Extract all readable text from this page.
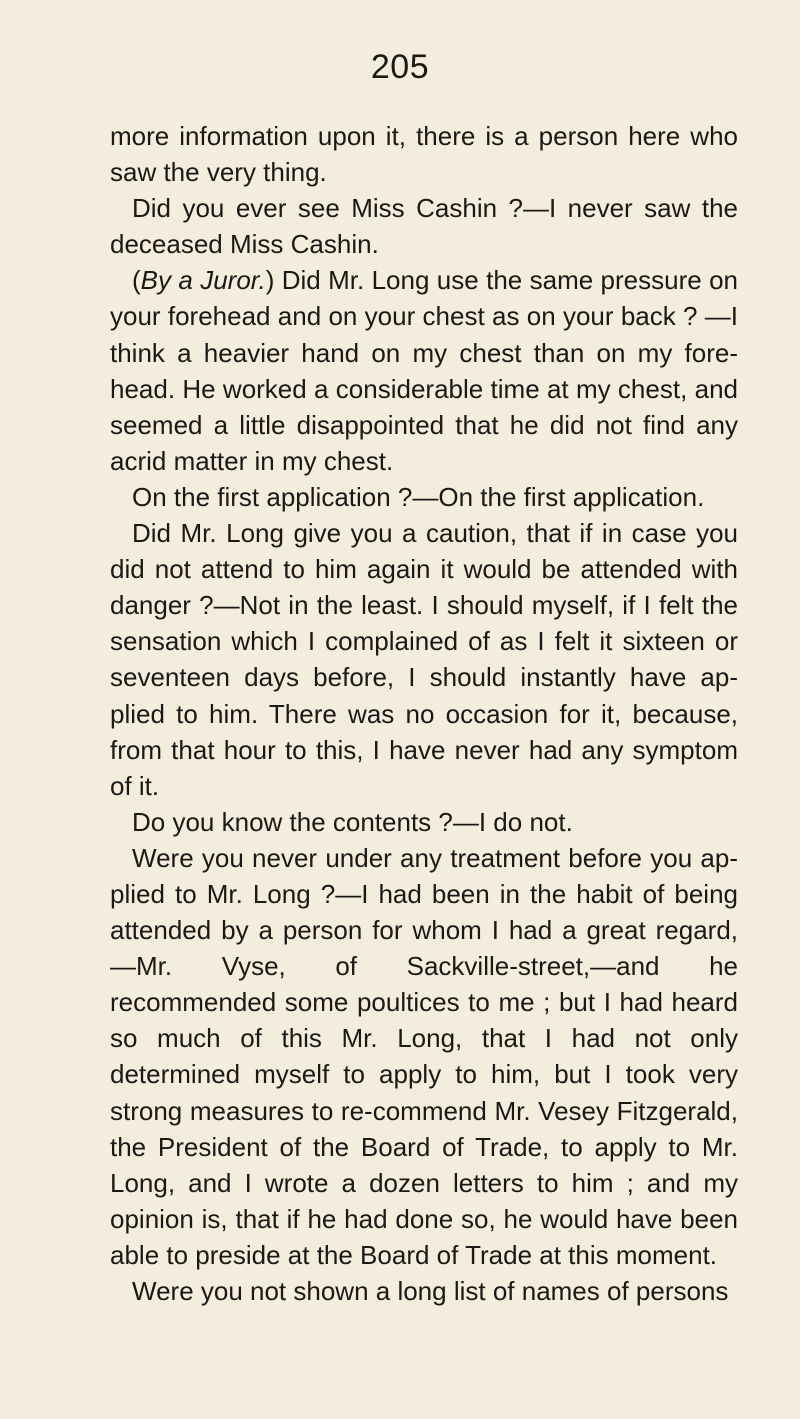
205

more information upon it, there is a person here who saw the very thing.

Did you ever see Miss Cashin ?—I never saw the deceased Miss Cashin.

(By a Juror.) Did Mr. Long use the same pressure on your forehead and on your chest as on your back ? —I think a heavier hand on my chest than on my fore-head. He worked a considerable time at my chest, and seemed a little disappointed that he did not find any acrid matter in my chest.

On the first application ?—On the first application.

Did Mr. Long give you a caution, that if in case you did not attend to him again it would be attended with danger ?—Not in the least. I should myself, if I felt the sensation which I complained of as I felt it sixteen or seventeen days before, I should instantly have ap-plied to him. There was no occasion for it, because, from that hour to this, I have never had any symptom of it.

Do you know the contents ?—I do not.

Were you never under any treatment before you ap-plied to Mr. Long ?—I had been in the habit of being attended by a person for whom I had a great regard, —Mr. Vyse, of Sackville-street,—and he recommended some poultices to me ; but I had heard so much of this Mr. Long, that I had not only determined myself to apply to him, but I took very strong measures to re-commend Mr. Vesey Fitzgerald, the President of the Board of Trade, to apply to Mr. Long, and I wrote a dozen letters to him ; and my opinion is, that if he had done so, he would have been able to preside at the Board of Trade at this moment.

Were you not shown a long list of names of persons
